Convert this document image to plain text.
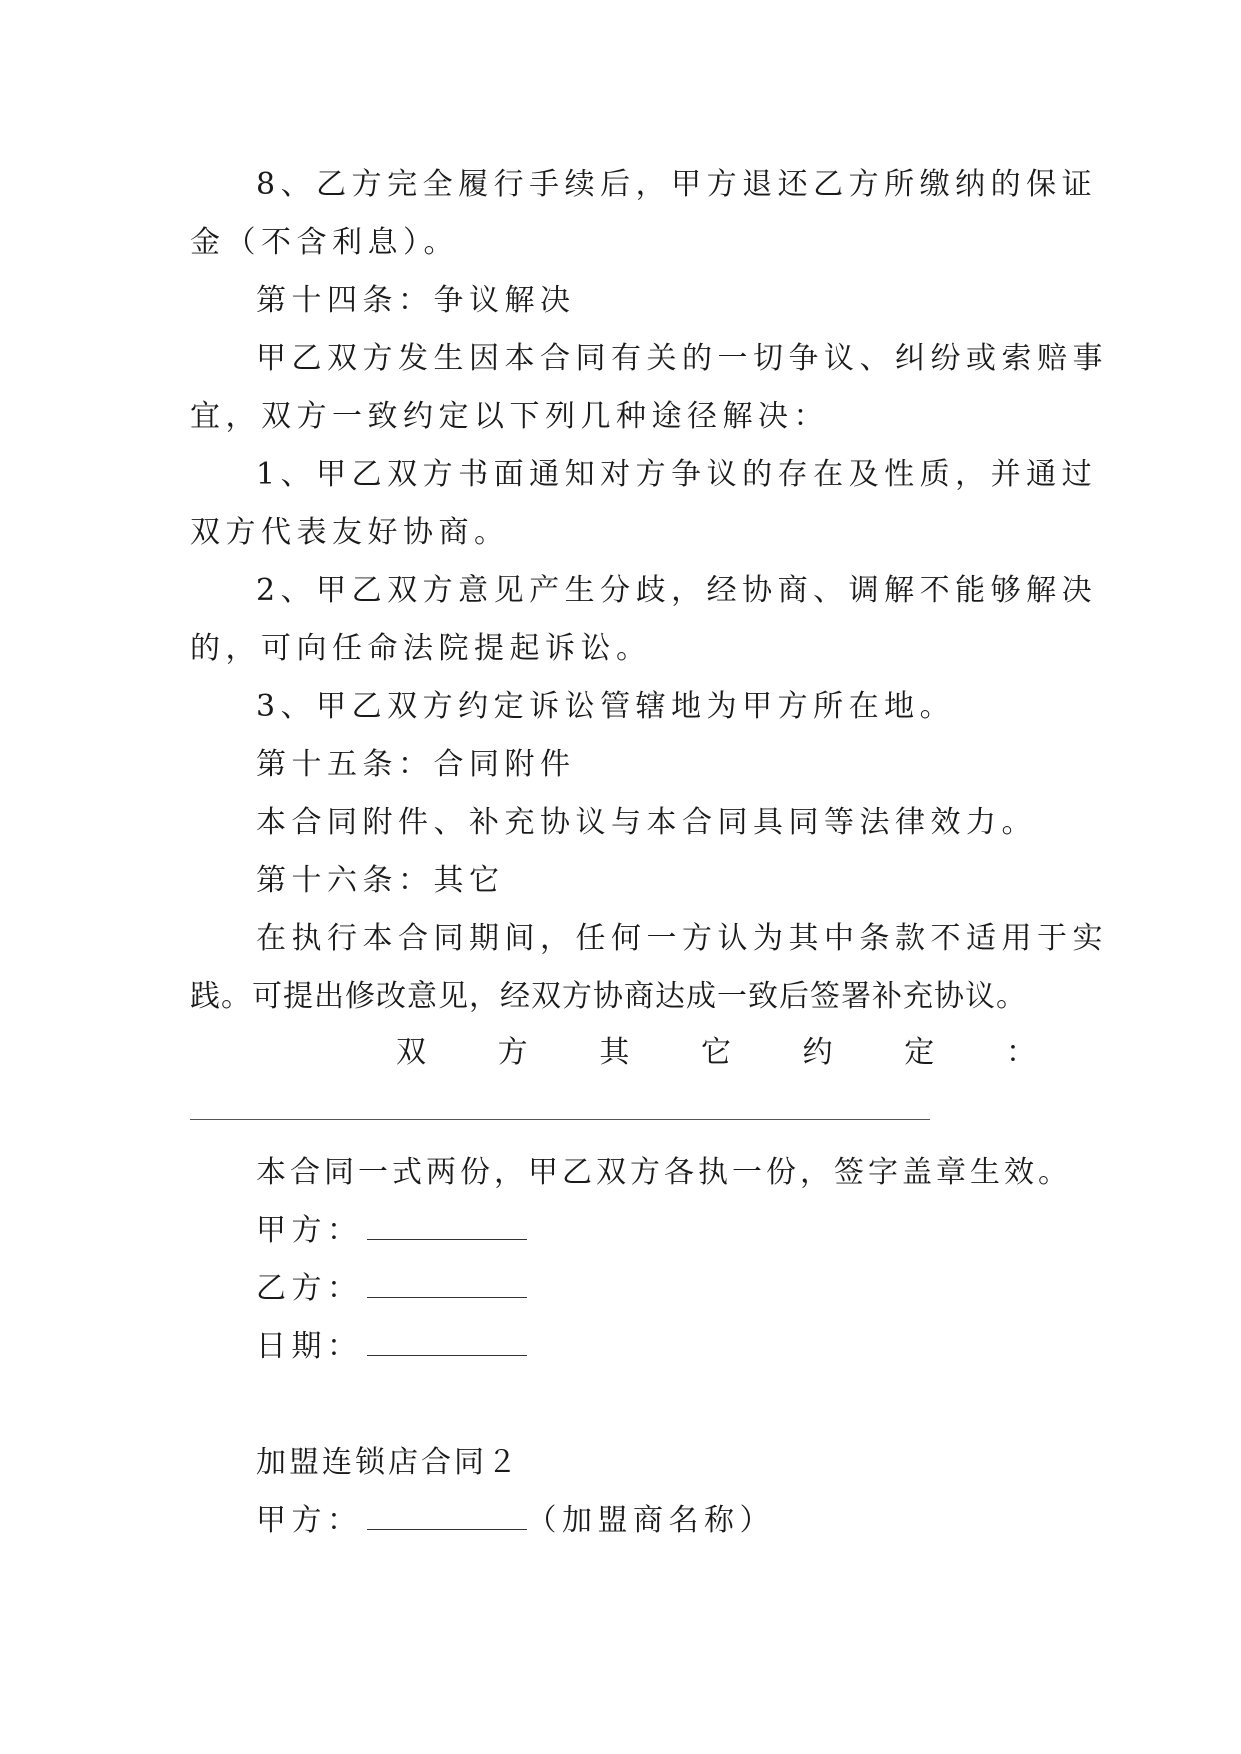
8、乙方完全履行手续后，甲方退还乙方所缴纳的保证
金（不含利息）。
第十四条：争议解决
甲乙双方发生因本合同有关的一切争议、纠纷或索赔事
宜，双方一致约定以下列几种途径解决：
1、甲乙双方书面通知对方争议的存在及性质，并通过
双方代表友好协商。
2、甲乙双方意见产生分歧，经协商、调解不能够解决
的，可向任命法院提起诉讼。
3、甲乙双方约定诉讼管辖地为甲方所在地。
第十五条：合同附件
本合同附件、补充协议与本合同具同等法律效力。
第十六条：其它
在执行本合同期间，任何一方认为其中条款不适用于实
践。可提出修改意见，经双方协商达成一致后签署补充协议。
双 方 其 它 约 定 ：
本合同一式两份，甲乙双方各执一份，签字盖章生效。
甲方：
乙方：
日期：
加盟连锁店合同２
甲方：	（加盟商名称）
